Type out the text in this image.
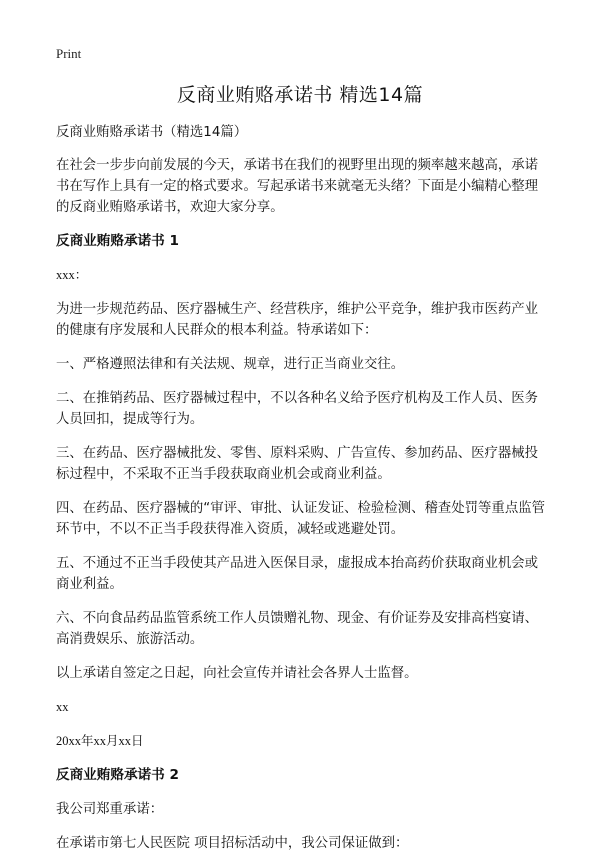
Print
反商业贿赂承诺书 精选14篇

反商业贿赂承诺书（精选14篇）

在社会一步步向前发展的今天，承诺书在我们的视野里出现的频率越来越高，承诺书在写作上具有一定的格式要求。写起承诺书来就毫无头绪？下面是小编精心整理的反商业贿赂承诺书，欢迎大家分享。

反商业贿赂承诺书 1

xxx：

为进一步规范药品、医疗器械生产、经营秩序，维护公平竞争，维护我市医药产业的健康有序发展和人民群众的根本利益。特承诺如下：

一、严格遵照法律和有关法规、规章，进行正当商业交往。

二、在推销药品、医疗器械过程中，不以各种名义给予医疗机构及工作人员、医务人员回扣，提成等行为。

三、在药品、医疗器械批发、零售、原料采购、广告宣传、参加药品、医疗器械投标过程中，不采取不正当手段获取商业机会或商业利益。

四、在药品、医疗器械的“审评、审批、认证发证、检验检测、稽查处罚等重点监管环节中，不以不正当手段获得准入资质，减轻或逃避处罚。

五、不通过不正当手段使其产品进入医保目录，虚报成本抬高药价获取商业机会或商业利益。

六、不向食品药品监管系统工作人员馈赠礼物、现金、有价证券及安排高档宴请、高消费娱乐、旅游活动。

以上承诺自签定之日起，向社会宣传并请社会各界人士监督。

xx

20xx年xx月xx日

反商业贿赂承诺书 2

我公司郑重承诺：

在承诺市第七人民医院 项目招标活动中，我公司保证做到：
